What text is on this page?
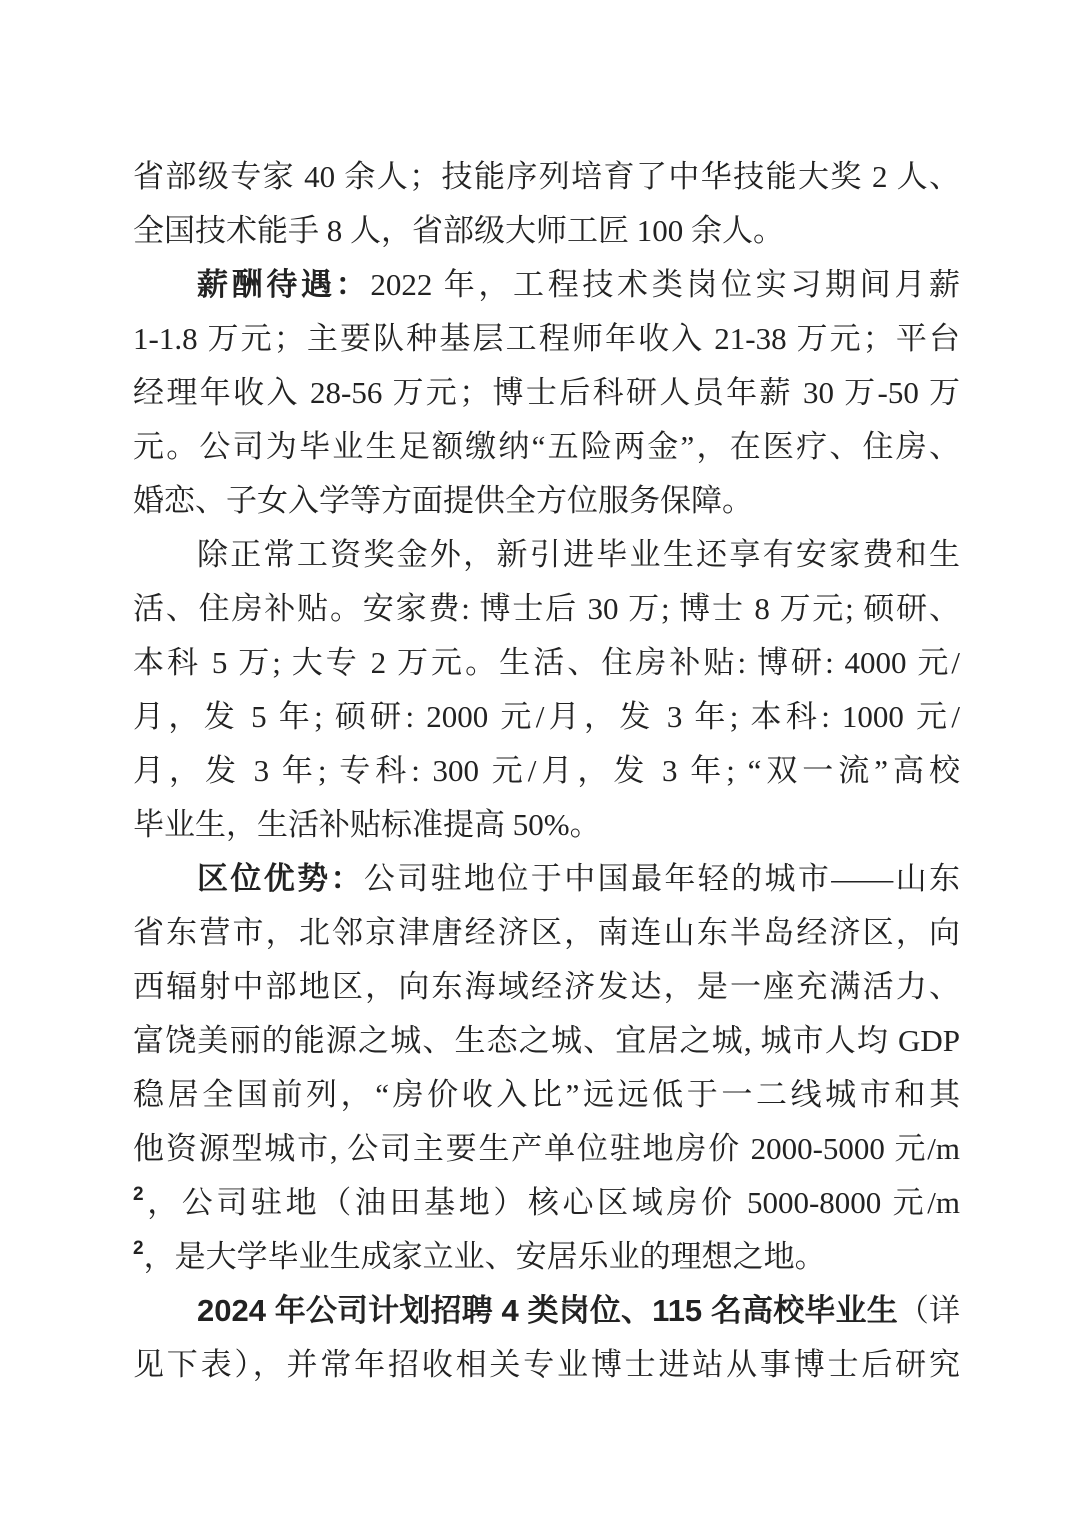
省部级专家 40 余人；技能序列培育了中华技能大奖 2 人、
全国技术能手 8 人，省部级大师工匠 100 余人。
薪酬待遇：2022 年，工程技术类岗位实习期间月薪
1-1.8 万元；主要队种基层工程师年收入 21-38 万元；平台
经理年收入 28-56 万元；博士后科研人员年薪 30 万-50 万
元。公司为毕业生足额缴纳“五险两金”，在医疗、住房、
婚恋、子女入学等方面提供全方位服务保障。
除正常工资奖金外，新引进毕业生还享有安家费和生
活、住房补贴。安家费: 博士后 30 万; 博士 8 万元; 硕研、
本科 5 万; 大专 2 万元。生活、住房补贴: 博研: 4000 元/
月，发 5 年; 硕研: 2000 元/月，发 3 年; 本科: 1000 元/
月，发 3 年; 专科: 300 元/月，发 3 年; “双一流”高校
毕业生，生活补贴标准提高 50%。
区位优势：公司驻地位于中国最年轻的城市——山东
省东营市，北邻京津唐经济区，南连山东半岛经济区，向
西辐射中部地区，向东海域经济发达，是一座充满活力、
富饶美丽的能源之城、生态之城、宜居之城, 城市人均 GDP
稳居全国前列，“房价收入比”远远低于一二线城市和其
他资源型城市, 公司主要生产单位驻地房价 2000-5000 元/m
$^2$，公司驻地（油田基地）核心区域房价 5000-8000 元/m
$^2$，是大学毕业生成家立业、安居乐业的理想之地。
2024 年公司计划招聘 4 类岗位、115 名高校毕业生（详
见下表），并常年招收相关专业博士进站从事博士后研究
